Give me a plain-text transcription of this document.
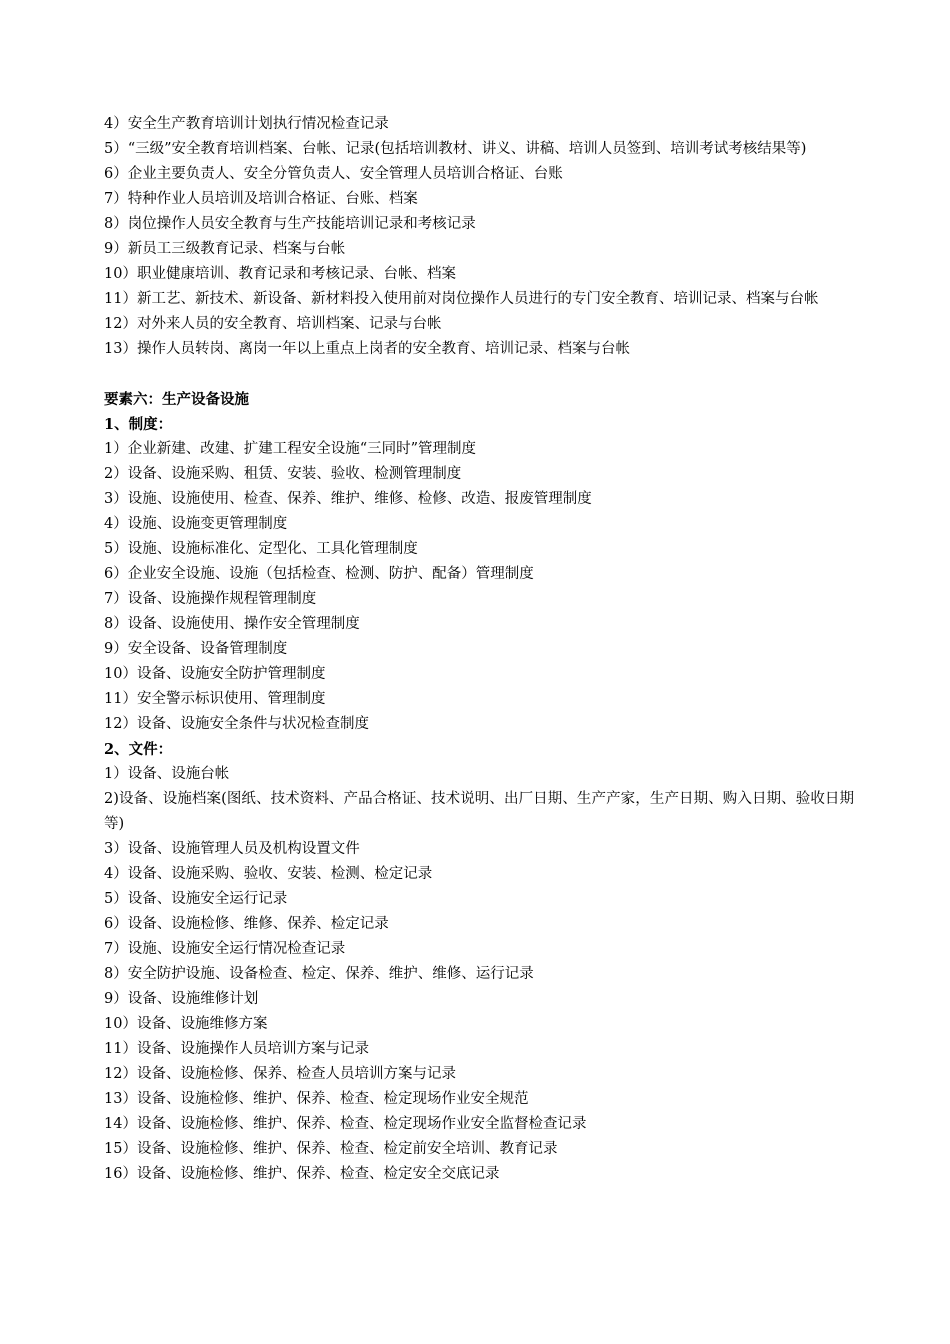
4）安全生产教育培训计划执行情况检查记录

5）“三级”安全教育培训档案、台帐、记录(包括培训教材、讲义、讲稿、培训人员签到、培训考试考核结果等)

6）企业主要负责人、安全分管负责人、安全管理人员培训合格证、台账

7）特种作业人员培训及培训合格证、台账、档案

8）岗位操作人员安全教育与生产技能培训记录和考核记录

9）新员工三级教育记录、档案与台帐

10）职业健康培训、教育记录和考核记录、台帐、档案

11）新工艺、新技术、新设备、新材料投入使用前对岗位操作人员进行的专门安全教育、培训记录、档案与台帐

12）对外来人员的安全教育、培训档案、记录与台帐

13）操作人员转岗、离岗一年以上重点上岗者的安全教育、培训记录、档案与台帐

要素六：生产设备设施

1、制度：

1）企业新建、改建、扩建工程安全设施“三同时”管理制度

2）设备、设施采购、租赁、安装、验收、检测管理制度

3）设施、设施使用、检查、保养、维护、维修、检修、改造、报废管理制度

4）设施、设施变更管理制度

5）设施、设施标准化、定型化、工具化管理制度

6）企业安全设施、设施（包括检查、检测、防护、配备）管理制度

7）设备、设施操作规程管理制度

8）设备、设施使用、操作安全管理制度

9）安全设备、设备管理制度

10）设备、设施安全防护管理制度

11）安全警示标识使用、管理制度

12）设备、设施安全条件与状况检查制度

2、文件：

1）设备、设施台帐

2)设备、设施档案(图纸、技术资料、产品合格证、技术说明、出厂日期、生产产家，生产日期、购入日期、验收日期等)

3）设备、设施管理人员及机构设置文件

4）设备、设施采购、验收、安装、检测、检定记录

5）设备、设施安全运行记录

6）设备、设施检修、维修、保养、检定记录

7）设施、设施安全运行情况检查记录

8）安全防护设施、设备检查、检定、保养、维护、维修、运行记录

9）设备、设施维修计划

10）设备、设施维修方案

11）设备、设施操作人员培训方案与记录

12）设备、设施检修、保养、检查人员培训方案与记录

13）设备、设施检修、维护、保养、检查、检定现场作业安全规范

14）设备、设施检修、维护、保养、检查、检定现场作业安全监督检查记录

15）设备、设施检修、维护、保养、检查、检定前安全培训、教育记录

16）设备、设施检修、维护、保养、检查、检定安全交底记录
